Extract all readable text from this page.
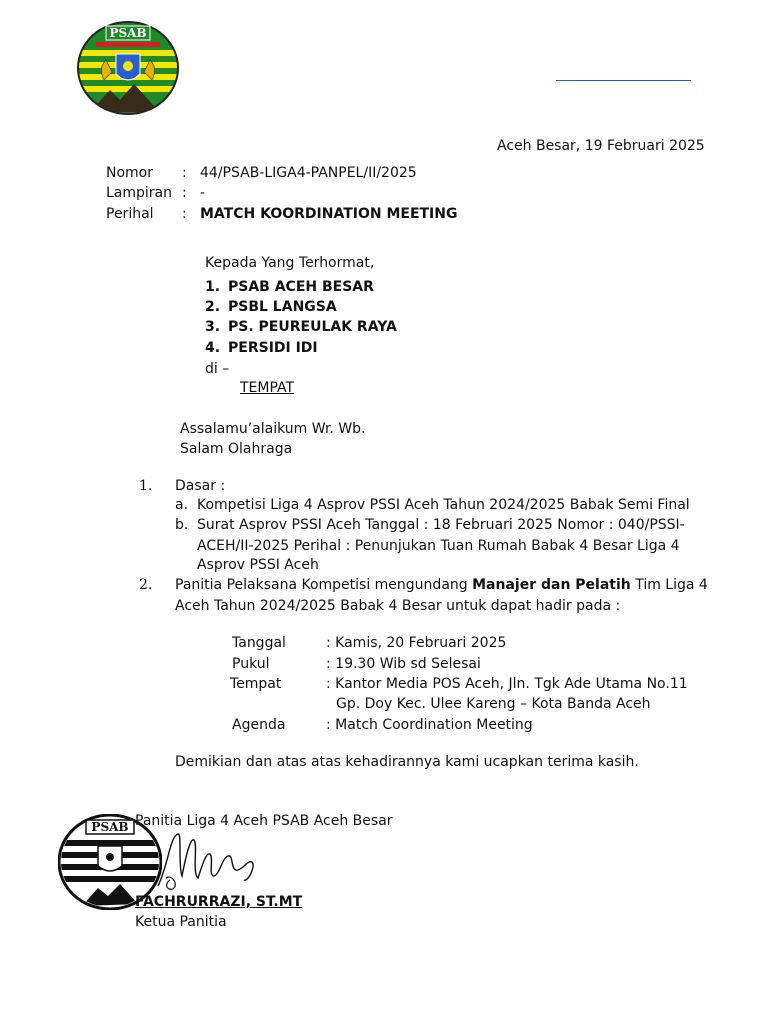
PSAB
Aceh Besar, 19 Februari 2025
Nomor : 44/PSAB-LIGA4-PANPEL/II/2025
Lampiran : -
Perihal : MATCH KOORDINATION MEETING
Kepada Yang Terhormat,
1. PSAB ACEH BESAR
2. PSBL LANGSA
3. PS. PEUREULAK RAYA
4. PERSIDI IDI
di –
TEMPAT
Assalamu’alaikum Wr. Wb.
Salam Olahraga
1. Dasar :
a. Kompetisi Liga 4 Asprov PSSI Aceh Tahun 2024/2025 Babak Semi Final
b. Surat Asprov PSSI Aceh Tanggal : 18 Februari 2025 Nomor : 040/PSSI-
ACEH/II-2025 Perihal : Penunjukan Tuan Rumah Babak 4 Besar Liga 4
Asprov PSSI Aceh
2. Panitia Pelaksana Kompetisi mengundang Manajer dan Pelatih Tim Liga 4
Aceh Tahun 2024/2025 Babak 4 Besar untuk dapat hadir pada :
Tanggal	: Kamis, 20 Februari 2025
Pukul	: 19.30 Wib sd Selesai
Tempat	: Kantor Media POS Aceh, Jln. Tgk Ade Utama No.11
Gp. Doy Kec. Ulee Kareng – Kota Banda Aceh
Agenda	: Match Coordination Meeting
Demikian dan atas atas kehadirannya kami ucapkan terima kasih.
PSAB Panitia Liga 4 Aceh PSAB Aceh Besar
FACHRURRAZI, ST.MT
Ketua Panitia
